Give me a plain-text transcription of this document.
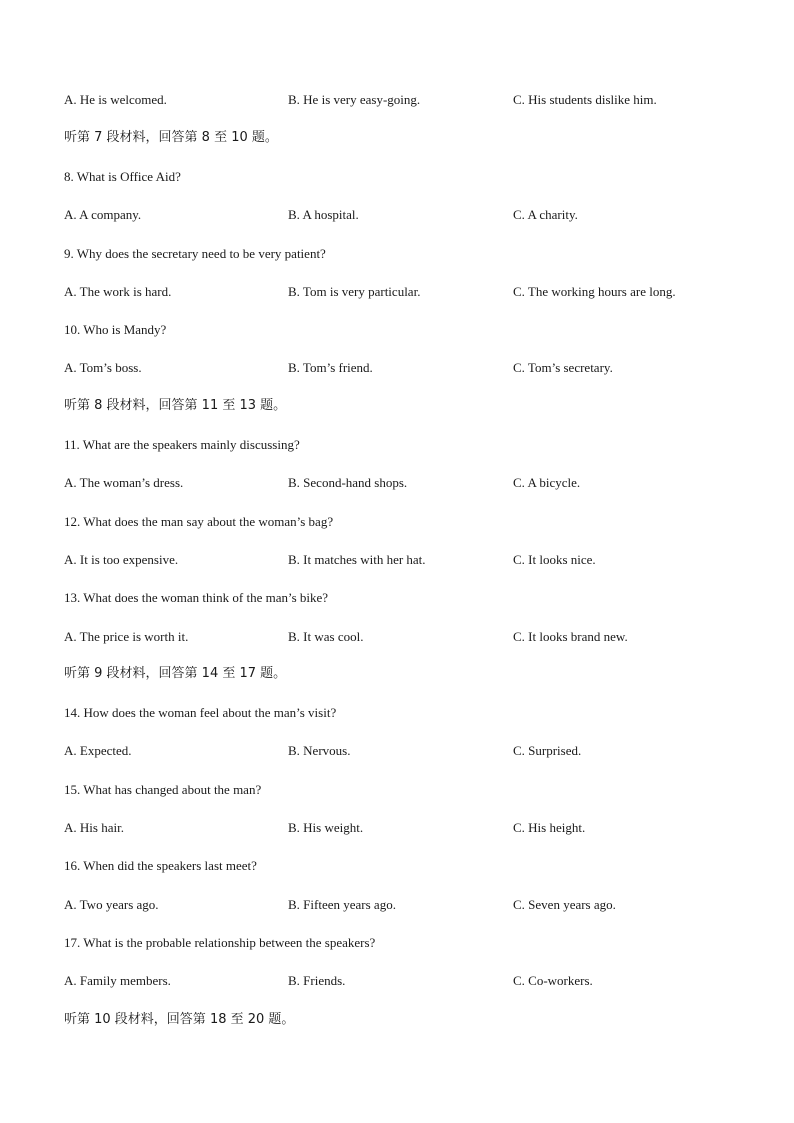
A. He is welcomed.	B. He is very easy-going.	C. His students dislike him.
听第 7 段材料，回答第 8 至 10 题。
8. What is Office Aid?
A. A company.	B. A hospital.	C. A charity.
9. Why does the secretary need to be very patient?
A. The work is hard.	B. Tom is very particular.	C. The working hours are long.
10. Who is Mandy?
A. Tom’s boss.	B. Tom’s friend.	C. Tom’s secretary.
听第 8 段材料，回答第 11 至 13 题。
11. What are the speakers mainly discussing?
A. The woman’s dress.	B. Second-hand shops.	C. A bicycle.
12. What does the man say about the woman’s bag?
A. It is too expensive.	B. It matches with her hat.	C. It looks nice.
13. What does the woman think of the man’s bike?
A. The price is worth it.	B. It was cool.	C. It looks brand new.
听第 9 段材料，回答第 14 至 17 题。
14. How does the woman feel about the man’s visit?
A. Expected.	B. Nervous.	C. Surprised.
15. What has changed about the man?
A. His hair.	B. His weight.	C. His height.
16. When did the speakers last meet?
A. Two years ago.	B. Fifteen years ago.	C. Seven years ago.
17. What is the probable relationship between the speakers?
A. Family members.	B. Friends.	C. Co-workers.
听第 10 段材料，回答第 18 至 20 题。
